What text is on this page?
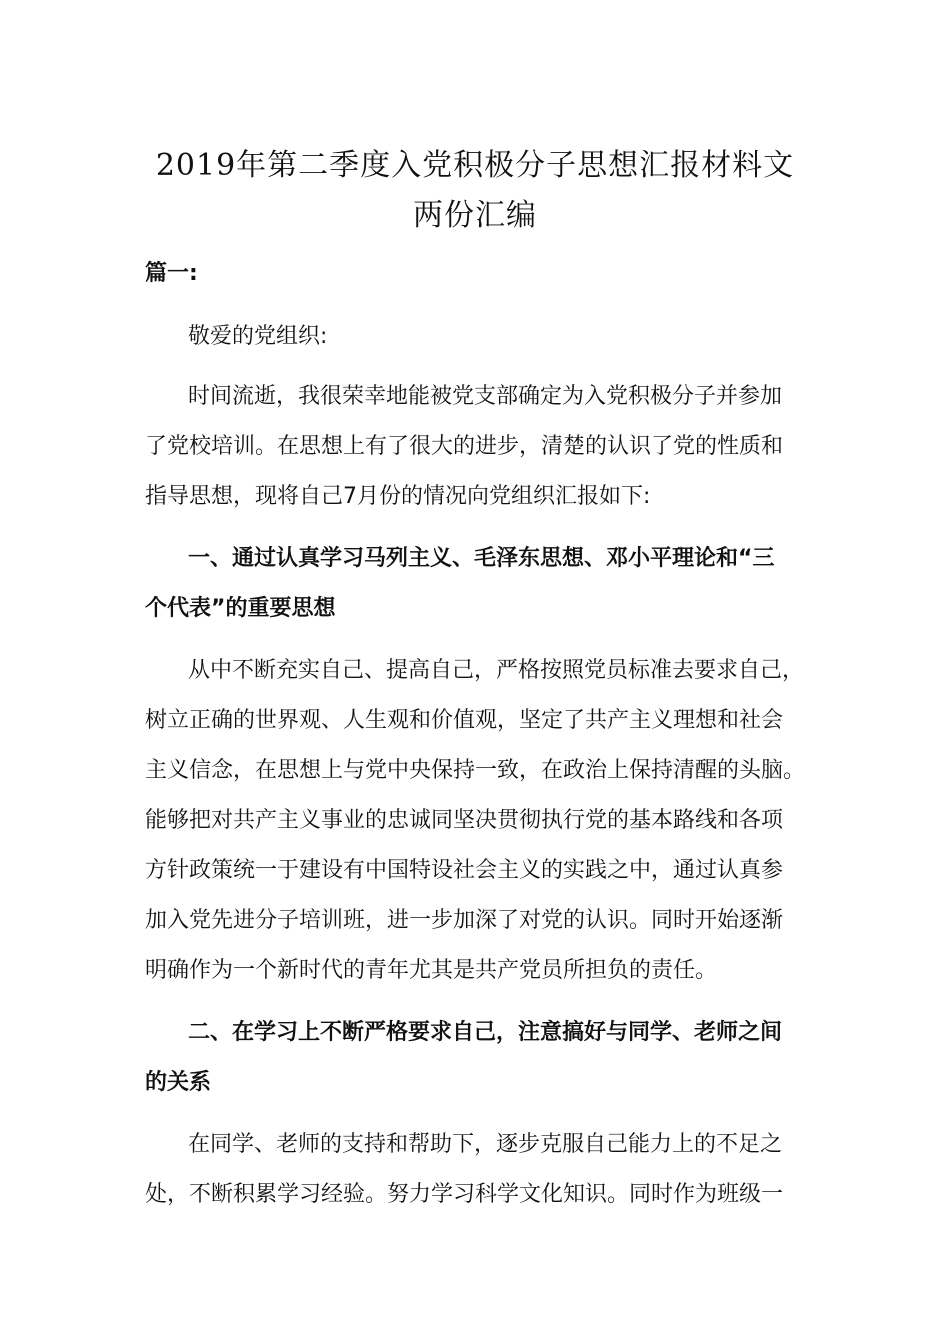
2019年第二季度入党积极分子思想汇报材料文
两份汇编
篇一:
敬爱的党组织:
时间流逝，我很荣幸地能被党支部确定为入党积极分子并参加
了党校培训。在思想上有了很大的进步，清楚的认识了党的性质和
指导思想，现将自己7月份的情况向党组织汇报如下:
一、通过认真学习马列主义、毛泽东思想、邓小平理论和“三
个代表”的重要思想
从中不断充实自己、提高自己，严格按照党员标准去要求自己，
树立正确的世界观、人生观和价值观，坚定了共产主义理想和社会
主义信念，在思想上与党中央保持一致，在政治上保持清醒的头脑。
能够把对共产主义事业的忠诚同坚决贯彻执行党的基本路线和各项
方针政策统一于建设有中国特设社会主义的实践之中，通过认真参
加入党先进分子培训班，进一步加深了对党的认识。同时开始逐渐
明确作为一个新时代的青年尤其是共产党员所担负的责任。
二、在学习上不断严格要求自己，注意搞好与同学、老师之间
的关系
在同学、老师的支持和帮助下，逐步克服自己能力上的不足之
处，不断积累学习经验。努力学习科学文化知识。同时作为班级一
